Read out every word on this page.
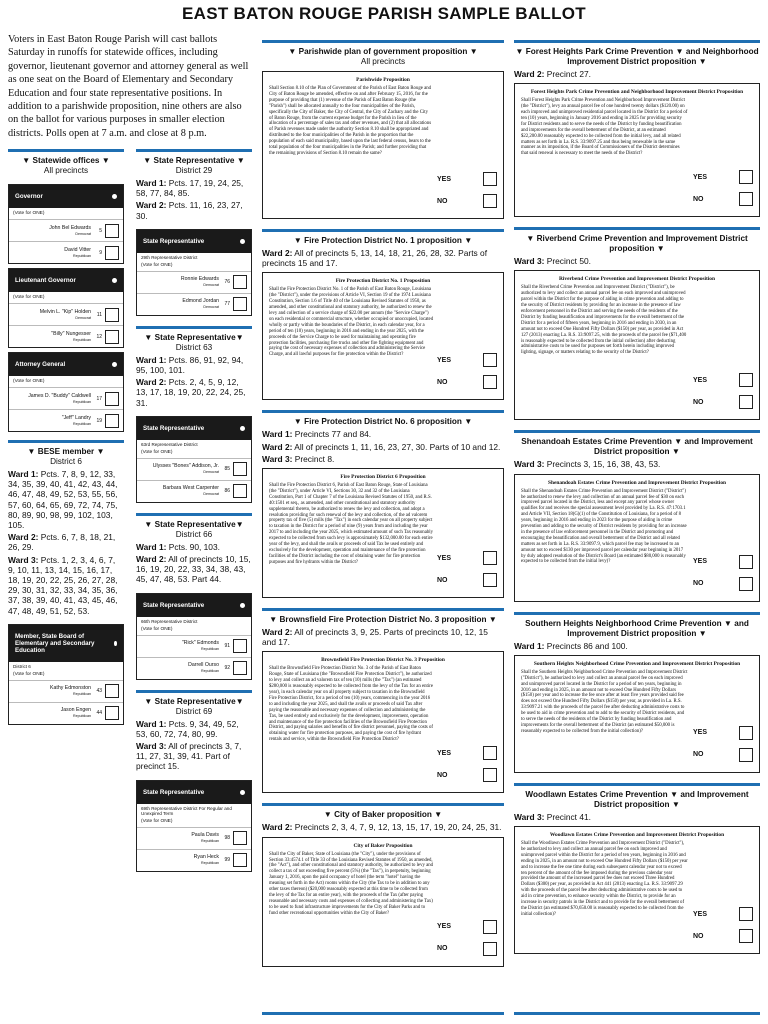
EAST BATON ROUGE PARISH SAMPLE BALLOT
Voters in East Baton Rouge Parish will cast ballots Saturday in runoffs for statewide offices, including governor, lieutenant governor and attorney general as well as one seat on the Board of Elementary and Secondary Education and four state representative positions. In addition to a parishwide proposition, nine others are also on the ballot for various purposes in smaller election districts. Polls open at 7 a.m. and close at 8 p.m.
▼ Statewide offices ▼
All precincts
Governor
(Vote for ONE)
John Bel Edwards
Democrat	5
David Vitter
Republican	9
Lieutenant Governor
(Vote for ONE)
Melvin L. "Kip" Holden
Democrat	11
"Billy" Nungesser
Republican 12
Attorney General
(Vote for ONE)
James D. "Buddy" Caldwell
Republican 17
"Jeff" Landry
Republican 19
▼ BESE member ▼
District 6
Ward 1: Pcts. 7, 8, 9, 12, 33, 34, 35, 39, 40, 41, 42, 43, 44, 46, 47, 48, 49, 52, 53, 55, 56, 57, 60, 64, 65, 69, 72, 74, 75, 80, 89, 90, 98, 99, 102, 103, 105.
Ward 2: Pcts. 6, 7, 8, 18, 21, 26, 29.
Ward 3: Pcts. 1, 2, 3, 4, 6, 7, 9, 10, 11, 13, 14, 15, 16, 17, 18, 19, 20, 22, 25, 26, 27, 28, 29, 30, 31, 32, 33, 34, 35, 36, 37, 38, 39, 40, 41, 43, 45, 46, 47, 48, 49, 51, 52, 53.
Member, State Board of Elementary and Secondary Education
District 6
(Vote for ONE)
Kathy Edmonston
Republican 43
Jason Engen
Republican 44
▼ State Representative ▼
District 29
Ward 1: Pcts. 17, 19, 24, 25, 58, 77, 84, 85.
Ward 2: Pcts. 11, 16, 23, 27, 30.
State Representative
29th Representative District
(Vote for ONE)
Ronnie Edwards
Democrat 76
Edmond Jordan
Democrat 77
▼ State Representative▼
District 63
Ward 1: Pcts. 86, 91, 92, 94, 95, 100, 101.
Ward 2: Pcts. 2, 4, 5, 9, 12, 13, 17, 18, 19, 20, 22, 24, 25, 31.
State Representative
63rd Representative District
(Vote for ONE)
Ulysses "Bones" Addison, Jr.
Democrat 85
Barbara West Carpenter
Democrat 86
▼ State Representative▼
District 66
Ward 1: Pcts. 90, 103.
Ward 2: All of precincts 10, 15, 16, 19, 20, 22, 33, 34, 38, 43, 45, 47, 48, 53. Part 44.
State Representative
66th Representative District
(Vote for ONE)
"Rick" Edmonds
Republican 91
Darrell Ourso
Republican 92
▼ State Representative▼
District 69
Ward 1: Pcts. 9, 34, 49, 52, 53, 60, 72, 74, 80, 99.
Ward 3: All of precincts 3, 7, 11, 27, 31, 39, 41. Part of precinct 15.
State Representative
69th Representative District For Regular and Unexpired Term
(Vote for ONE)
Paula Davis
Republican 98
Ryan Heck
Republican 99
▼ Parishwide plan of government proposition ▼
All precincts
Parishwide Proposition
Shall Section 8.10 of the Plan of Government of the Parish of East Baton Rouge and City of Baton Rouge be amended, effective on and after February 15, 2016, for the purpose of providing that (1) revenue of the Parish of East Baton Rouge (the "Parish") shall be allocated annually to the four municipalities of the Parish, specifically the City of Baker, the City of Central, the City of Zachary and the City of Baton Rouge, from the current expense budget for the Parish in lieu of the allocation of a percentage of sales tax and other revenues, and (2) that all allocations of Parish revenues made under the authority Section 8.10 shall be appropriated and distributed to the four municipalities of the Parish in the proportion that the population of each said municipality, based upon the last federal census, bears to the total population of the four municipalities in the Parish; and further providing that the remaining provisions of Section 8.10 remain the same?
YES
NO
▼ Fire Protection District No. 1 proposition ▼
Ward 2: All of precincts 5, 13, 14, 18, 21, 26, 28, 32. Parts of precincts 15 and 17.
Fire Protection District No. 1 Proposition
Shall the Fire Protection District No. 1 of the Parish of East Baton Rouge, Louisiana (the "District"), under the provisions of Article VI, Section 19 of the 1974 Louisiana Constitution, Section 1.6 of Title 40 of the Louisiana Revised Statutes of 1950, as amended, and other constitutional and statutory authority, be authorized to renew the levy and collection of a service charge of $22.00 per annum (the "Service Charge") on each residential or commercial structure, whether occupied or unoccupied, located wholly or partly within the boundaries of the District, in each calendar year, for a period of ten (10) years, beginning in 2016 and ending in the year 2025, with the proceeds of the Service Charge to be used for maintaining and operating fire protection facilities, purchasing fire trucks and other fire fighting equipment and paying the cost of necessary expenses of collection and administering the Service Charge, and all lawful purposes for fire protection within the District?
YES
NO
▼ Fire Protection District No. 6 proposition ▼
Ward 1: Precincts 77 and 84.
Ward 2: All of precincts 1, 11, 16, 23, 27, 30. Parts of 10 and 12.
Ward 3: Precinct 8.
Fire Protection District 6 Proposition
Shall the Fire Protection District 6, Parish of East Baton Rouge, State of Louisiana (the "District"), under Article VI, Sections 30, 32 and 32 of the Louisiana Constitution, Part 1 of Chapter 7 of the Louisiana Revised Statutes of 1950, and R.S. 40:1501 et seq., as amended, and other constitutional and statutory authority supplemental thereto, be authorized to renew the levy and collection, and adopt a resolution providing for such renewal of the levy and collection, of the ad valorem property tax of five (5) mills (the "Tax") in each calendar year on all property subject to taxation in the District for a period of nine (9) years from and including the year 2017 to and including the year 2025, which estimated amount of such Tax reasonably expected to be collected from such levy is approximately $132,000.00 for each entire year of the levy, and shall the avails or proceeds of said Tax be used entirely and exclusively for the development, operation and maintenance of the fire protection facilities of the District including the cost of obtaining water for fire protection purposes and fire hydrants within the District?
YES
NO
▼ Brownsfield Fire Protection District No. 3 proposition ▼
Ward 2: All of precincts 3, 9, 25. Parts of precincts 10, 12, 15 and 17.
Brownsfield Fire Protection District No. 3 Proposition
Shall the Brownsfield Fire Protection District No. 3 of the Parish of East Baton Rouge, State of Louisiana (the "Brownsfield Fire Protection District"), be authorized to levy and collect an ad valorem tax of ten (10) mills (the "Tax") (an estimated $280,000 is reasonably expected to be collected from the levy of the Tax for an entire year), in each calendar year on all property subject to taxation in the Brownsfield Fire Protection District, for a period of ten (10) years, commencing in the year 2016 to and including the year 2025, and shall the avails or proceeds of said Tax after paying the reasonable and necessary expenses of collection and administering the Tax, be used entirely and exclusively for the development, improvement, operation and maintenance of the fire protection facilities of the Brownsfield Fire Protection District, and paying salaries and benefits of fire district personnel, paying the costs of obtaining water for fire protection purposes, and paying the cost of fire hydrant rentals and service, within the Brownsfield Fire Protection District?
YES
NO
▼ City of Baker proposition ▼
Ward 2: Precincts 2, 3, 4, 7, 9, 12, 13, 15, 17, 19, 20, 24, 25, 31.
City of Baker Proposition
Shall the City of Baker, State of Louisiana (the "City"), under the provisions of Section 33:4574.1 of Title 33 of the Louisiana Revised Statutes of 1950, as amended, (the "Act"), and other constitutional and statutory authority, be authorized to levy and collect a tax of not exceeding five percent (5%) (the "Tax"), in perpetuity, beginning January 1, 2016, upon the paid occupancy of hotel (the term "hotel" having the meaning set forth in the Act) rooms within the City (the Tax to be in addition to any other taxes thereon) ($20,000 reasonably expected at this time to be collected from the levy of the Tax for an entire year), with the proceeds of the Tax (after paying reasonable and necessary costs and expenses of collecting and administering the Tax) to be used to fund infrastructure improvements for the City of Baker Parks and to fund other recreational opportunities within the City of Baker?
YES
NO
▼ Forest Heights Park Crime Prevention ▼ and Neighborhood Improvement District proposition ▼
Ward 2: Precinct 27.
Forest Heights Park Crime Prevention and Neighborhood Improvement District Proposition
Shall Forest Heights Park Crime Prevention and Neighborhood Improvement District (the "District"), levy an annual parcel fee of one hundred twenty dollars ($120.00) on each improved and unimproved residential parcel located in the District for a period of ten (10) years, beginning in January 2016 and ending in 2025 for providing security for District residents and to serve the needs of the District by funding beautification and improvements for the overall betterment of the District, at an estimated $22,200.00 reasonably expected to be collected from the initial levy, and all related matters as set forth in La. R.S. 33:9097.25 and thus being renewable in the same manner as its imposition, if the Board of Commissioners of the District determines that said renewal is necessary to meet the needs of the District?
YES
NO
▼ Riverbend Crime Prevention and Improvement District proposition ▼
Ward 3: Precinct 50.
Riverbend Crime Prevention and Improvement District Proposition
Shall the Riverbend Crime Prevention and Improvement District ("District"), be authorized to levy and collect an annual parcel fee on each improved and unimproved parcel within the District for the purpose of aiding in crime prevention and adding to the security of District residents by providing for an increase in the presence of law enforcement personnel in the District and serving the needs of the residents of the District by funding beautification and improvements for the overall betterment of the District for a period of fifteen years, beginning in 2016 and ending in 2030, in an amount not to exceed One Hundred Fifty Dollars ($150) per year, as provided in Act 127 (2013) enacting La. R.S. 33:9097.25, with the proceeds of the parcel fee ($71,400 is reasonably expected to be collected from the initial collection) after deducting administrative costs to be used for purposes set forth herein including improved lighting, signage, or matters relating to the security of the District?
YES
NO
Shenandoah Estates Crime Prevention ▼ and Improvement District proposition ▼
Ward 3: Precincts 3, 15, 16, 38, 43, 53.
Shenandoah Estates Crime Prevention and Improvement District Proposition
Shall the Shenandoah Estates Crime Prevention and Improvement District ("District") be authorized to renew the levy and collection of an annual parcel fee of $30 on each improved parcel located in the District, less and except any parcel whose owner qualifies for and receives the special assessment level provided by La. R.S. 47:1703.1 and Article VII, Section 18(G)(1) of the Constitution of Louisiana, for a period of 8 years, beginning in 2016 and ending in 2023 for the purpose of aiding in crime prevention and adding to the security of District residents by providing for an increase in the presence of law enforcement personnel in the District and promoting and encouraging the beautification and overall betterment of the District and all related matters as set forth in La. R.S. 33:9097.9, which parcel fee may be increased to an amount not to exceed $130 per improved parcel per calendar year beginning in 2017 by duly adopted resolution of the District's Board (an estimated $80,000 is reasonably expected to be collected from the initial levy)?	YES
NO
Southern Heights Neighborhood Crime Prevention ▼ and Improvement District proposition ▼
Ward 1: Precincts 86 and 100.
Southern Heights Neighborhood Crime Prevention and Improvement District Proposition
Shall the Southern Heights Neighborhood Crime Prevention and Improvement District ("District"), be authorized to levy and collect an annual parcel fee on each improved and unimproved parcel located in the District for a period of ten years, beginning in 2016 and ending in 2025, in an amount not to exceed One Hundred Fifty Dollars ($150) per year and to increase the fee once after at least five years provided said fee does not exceed One Hundred Fifty Dollars ($150) per year, as provided in La. R.S. 33:9097.21 with the proceeds of the parcel fee after deducting administrative costs to be used to aid in crime prevention and to add to the security of District residents, and to serve the needs of the residents of the District by funding beautification and improvements for the overall betterment of the District (an estimated $50,000 is reasonably expected to be collected from the initial collection)?	YES
NO
Woodlawn Estates Crime Prevention ▼ and Improvement District proposition ▼
Ward 3: Precinct 41.
Woodlawn Estates Crime Prevention and Improvement District Proposition
Shall the Woodlawn Estates Crime Prevention and Improvement District ("District"), be authorized to levy and collect an annual parcel fee on each improved and unimproved parcel within the District for a period of ten years, beginning in 2016 and ending in 2025, in an amount not to exceed One Hundred Fifty Dollars ($150) per year and to increase the fee one time during each subsequent calendar year not to exceed ten percent of the amount of the fee imposed during the previous calendar year provided the amount of the increased parcel fee does not exceed Three Hundred Dollars ($300) per year, as provided in Act 441 (2013) enacting La. R.S. 33:9097.29 with the proceeds of the parcel fee after deducting administrative costs to be used to aid in crime prevention, to enhance security within the District, to provide for an increase in security patrols in the District and to provide for the overall betterment of the District (an estimated $70,650.00 is reasonably expected to be collected from the initial collection)?	YES
NO
